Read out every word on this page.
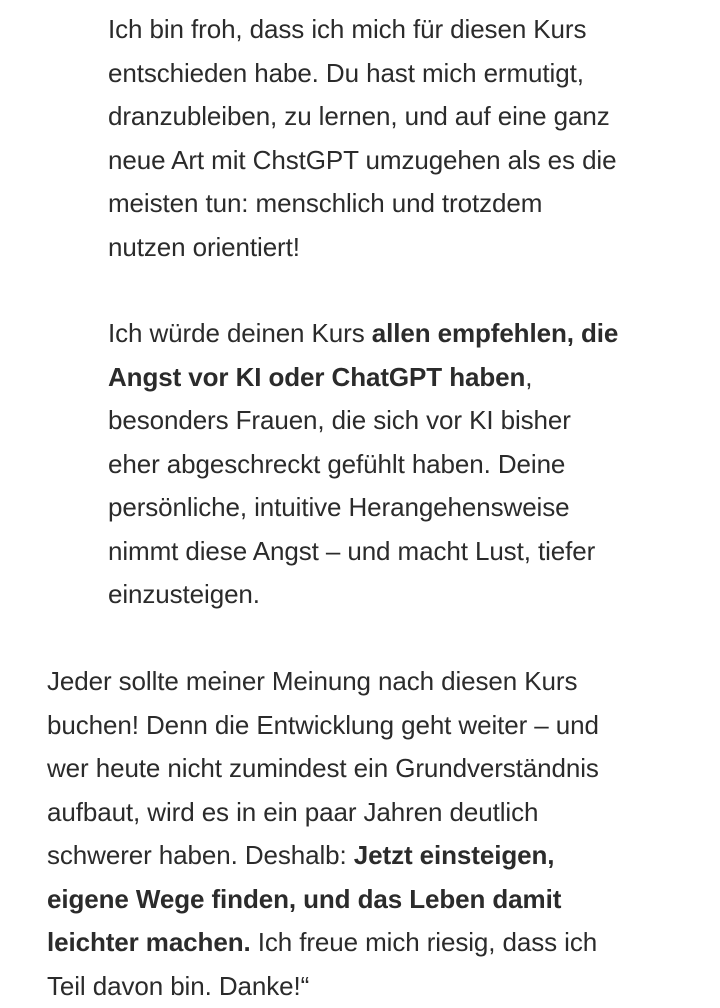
Ich bin froh, dass ich mich für diesen Kurs
entschieden habe. Du hast mich ermutigt,
dranzubleiben, zu lernen, und auf eine ganz
neue Art mit ChstGPT umzugehen als es die
meisten tun: menschlich und trotzdem
nutzen orientiert!

Ich würde deinen Kurs allen empfehlen, die
Angst vor KI oder ChatGPT haben,
besonders Frauen, die sich vor KI bisher
eher abgeschreckt gefühlt haben. Deine
persönliche, intuitive Herangehensweise
nimmt diese Angst – und macht Lust, tiefer
einzusteigen.

Jeder sollte meiner Meinung nach diesen Kurs
buchen! Denn die Entwicklung geht weiter – und
wer heute nicht zumindest ein Grundverständnis
aufbaut, wird es in ein paar Jahren deutlich
schwerer haben. Deshalb: Jetzt einsteigen,
eigene Wege finden, und das Leben damit
leichter machen. Ich freue mich riesig, dass ich
Teil davon bin. Danke!“
